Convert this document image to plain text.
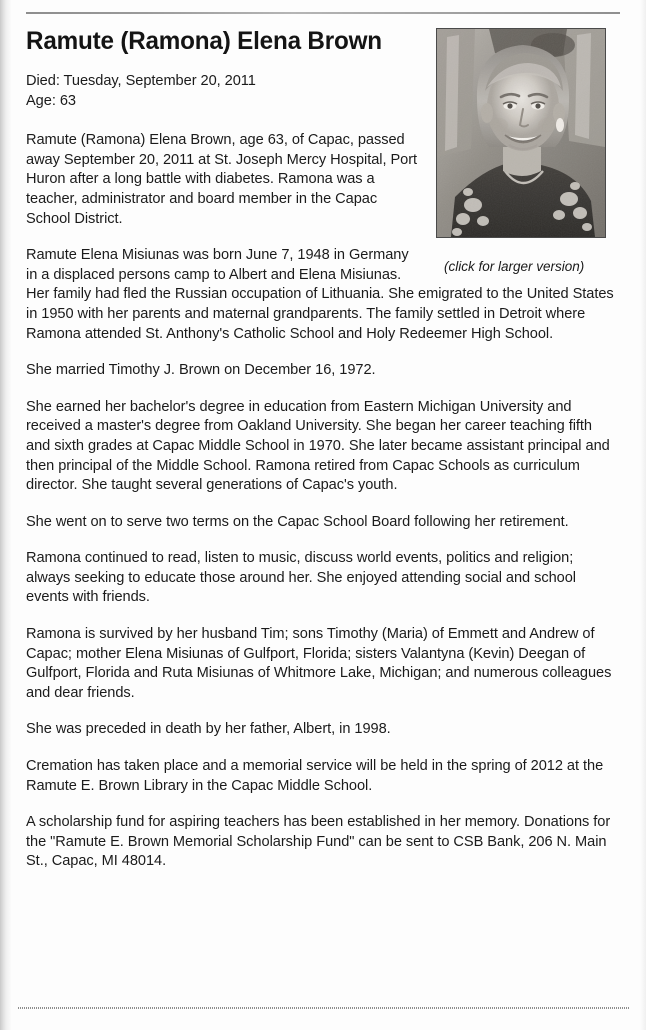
(click for larger version)
Ramute (Ramona) Elena Brown

Died: Tuesday, September 20, 2011
Age: 63

Ramute (Ramona) Elena Brown, age 63, of Capac, passed away September 20, 2011 at St. Joseph Mercy Hospital, Port Huron after a long battle with diabetes. Ramona was a teacher, administrator and board member in the Capac School District.

Ramute Elena Misiunas was born June 7, 1948 in Germany in a displaced persons camp to Albert and Elena Misiunas. Her family had fled the Russian occupation of Lithuania. She emigrated to the United States in 1950 with her parents and maternal grandparents. The family settled in Detroit where Ramona attended St. Anthony's Catholic School and Holy Redeemer High School.

She married Timothy J. Brown on December 16, 1972.

She earned her bachelor's degree in education from Eastern Michigan University and received a master's degree from Oakland University. She began her career teaching fifth and sixth grades at Capac Middle School in 1970. She later became assistant principal and then principal of the Middle School. Ramona retired from Capac Schools as curriculum director. She taught several generations of Capac's youth.

She went on to serve two terms on the Capac School Board following her retirement.

Ramona continued to read, listen to music, discuss world events, politics and religion; always seeking to educate those around her. She enjoyed attending social and school events with friends.

Ramona is survived by her husband Tim; sons Timothy (Maria) of Emmett and Andrew of Capac; mother Elena Misiunas of Gulfport, Florida; sisters Valantyna (Kevin) Deegan of Gulfport, Florida and Ruta Misiunas of Whitmore Lake, Michigan; and numerous colleagues and dear friends.

She was preceded in death by her father, Albert, in 1998.

Cremation has taken place and a memorial service will be held in the spring of 2012 at the Ramute E. Brown Library in the Capac Middle School.

A scholarship fund for aspiring teachers has been established in her memory. Donations for the "Ramute E. Brown Memorial Scholarship Fund" can be sent to CSB Bank, 206 N. Main St., Capac, MI 48014.
